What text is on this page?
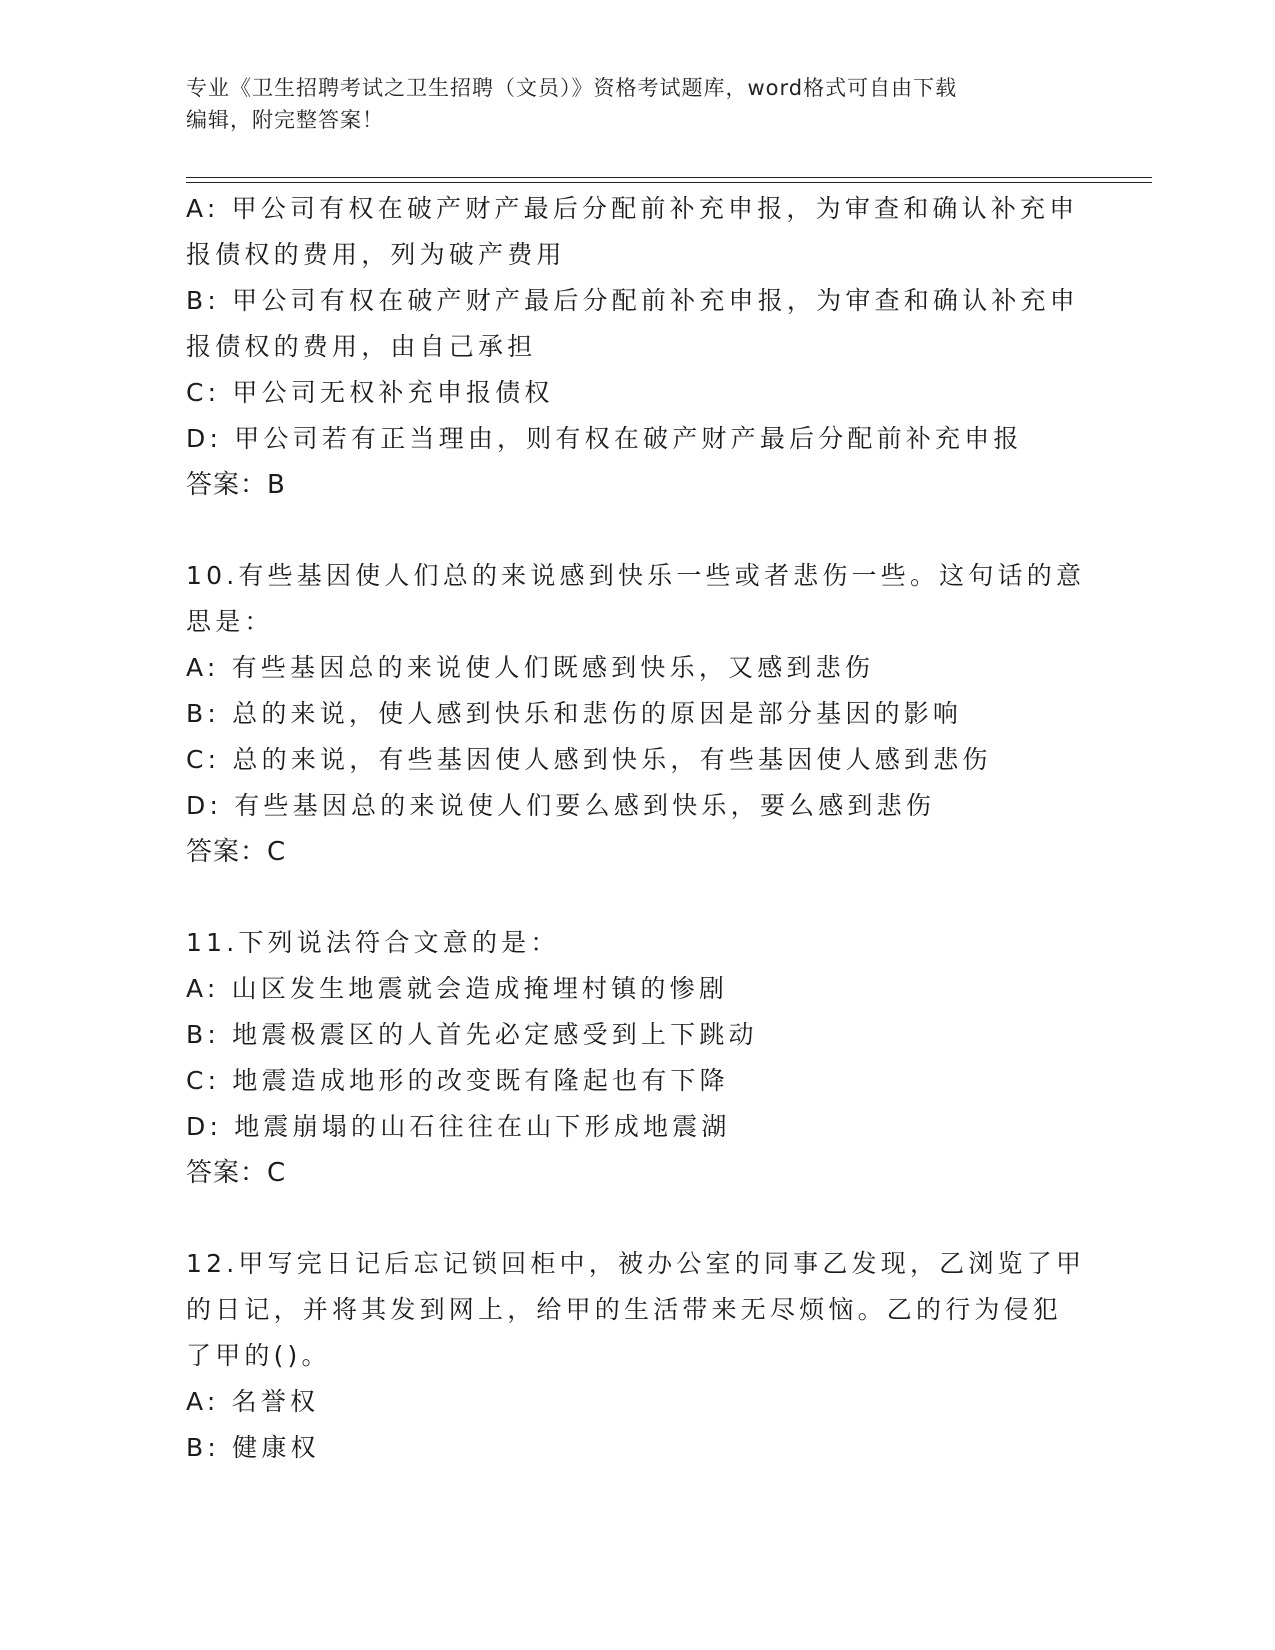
专业《卫生招聘考试之卫生招聘（文员）》资格考试题库，word格式可自由下载
编辑，附完整答案！
A: 甲公司有权在破产财产最后分配前补充申报，为审查和确认补充申
报债权的费用，列为破产费用
B: 甲公司有权在破产财产最后分配前补充申报，为审查和确认补充申
报债权的费用，由自己承担
C: 甲公司无权补充申报债权
D: 甲公司若有正当理由，则有权在破产财产最后分配前补充申报
答案：B
10.有些基因使人们总的来说感到快乐一些或者悲伤一些。这句话的意
思是：
A: 有些基因总的来说使人们既感到快乐，又感到悲伤
B: 总的来说，使人感到快乐和悲伤的原因是部分基因的影响
C: 总的来说，有些基因使人感到快乐，有些基因使人感到悲伤
D: 有些基因总的来说使人们要么感到快乐，要么感到悲伤
答案：C
11.下列说法符合文意的是：
A: 山区发生地震就会造成掩埋村镇的惨剧
B: 地震极震区的人首先必定感受到上下跳动
C: 地震造成地形的改变既有隆起也有下降
D: 地震崩塌的山石往往在山下形成地震湖
答案：C
12.甲写完日记后忘记锁回柜中，被办公室的同事乙发现，乙浏览了甲
的日记，并将其发到网上，给甲的生活带来无尽烦恼。乙的行为侵犯
了甲的()。
A: 名誉权
B: 健康权
